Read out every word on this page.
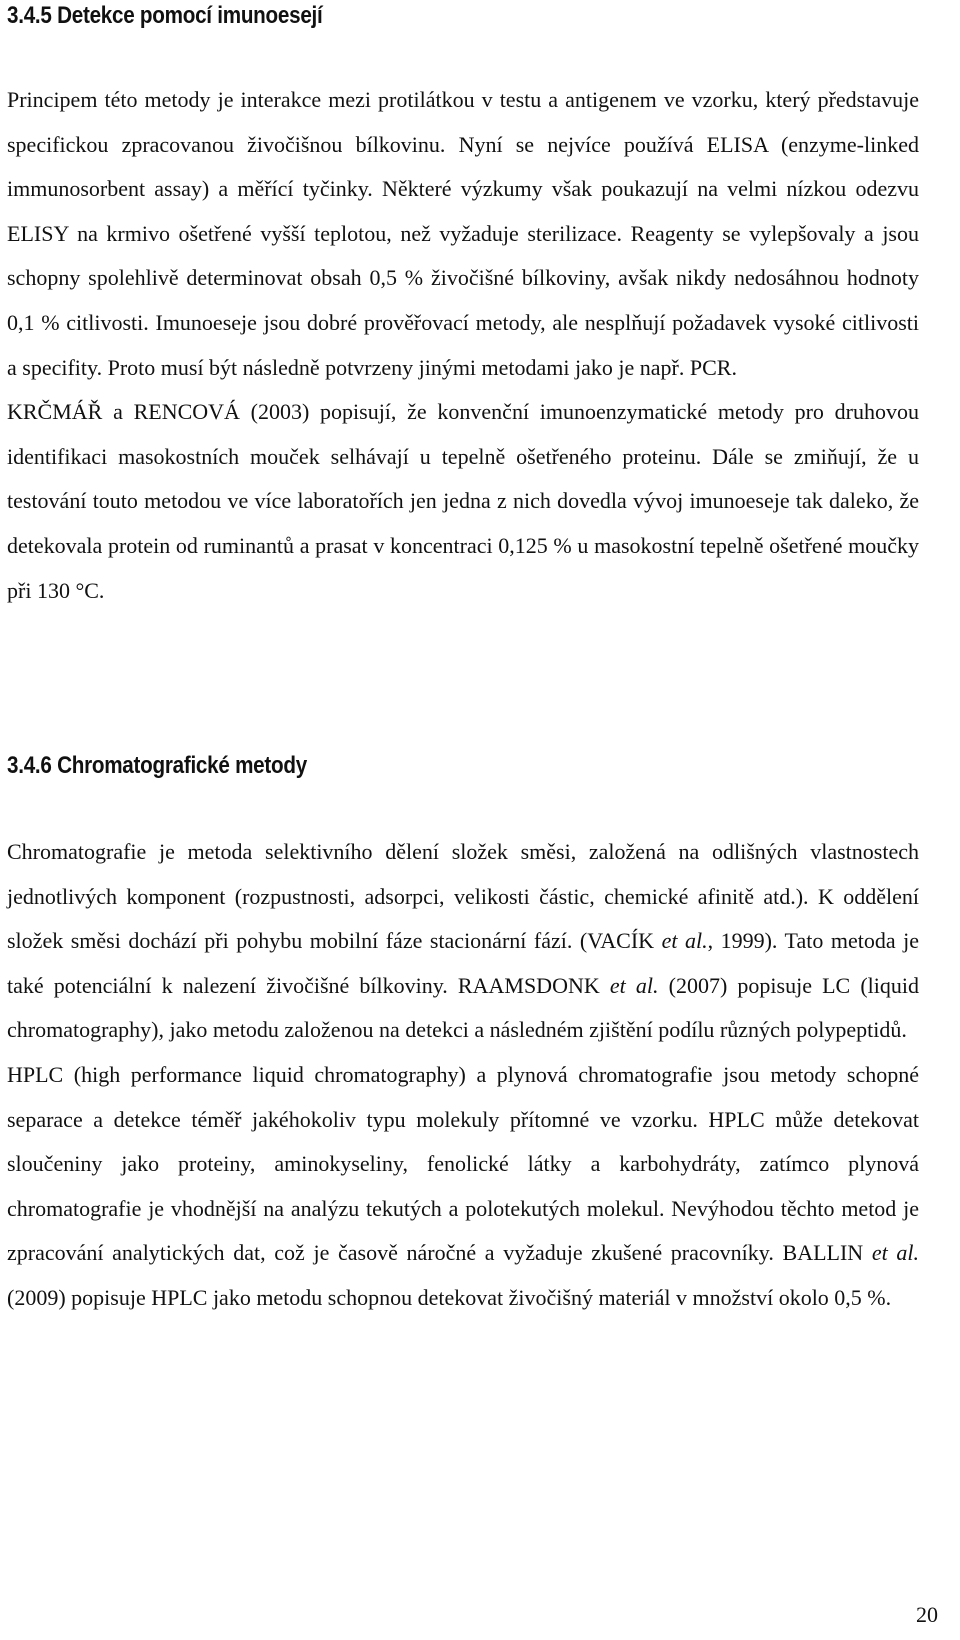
3.4.5 Detekce pomocí imunoesejí

Principem této metody je interakce mezi protilátkou v testu a antigenem ve vzorku, který představuje specifickou zpracovanou živočišnou bílkovinu. Nyní se nejvíce používá ELISA (enzyme-linked immunosorbent assay) a měřící tyčinky. Některé výzkumy však poukazují na velmi nízkou odezvu ELISY na krmivo ošetřené vyšší teplotou, než vyžaduje sterilizace. Reagenty se vylepšovaly a jsou schopny spolehlivě determinovat obsah 0,5 % živočišné bílkoviny, avšak nikdy nedosáhnou hodnoty 0,1 % citlivosti. Imunoeseje jsou dobré prověřovací metody, ale nesplňují požadavek vysoké citlivosti a specifity. Proto musí být následně potvrzeny jinými metodami jako je např. PCR.

KRČMÁŘ a RENCOVÁ (2003) popisují, že konvenční imunoenzymatické metody pro druhovou identifikaci masokostních mouček selhávají u tepelně ošetřeného proteinu. Dále se zmiňují, že u testování touto metodou ve více laboratořích jen jedna z nich dovedla vývoj imunoeseje tak daleko, že detekovala protein od ruminantů a prasat v koncentraci 0,125 % u masokostní tepelně ošetřené moučky při 130 °C.

3.4.6 Chromatografické metody

Chromatografie je metoda selektivního dělení složek směsi, založená na odlišných vlastnostech jednotlivých komponent (rozpustnosti, adsorpci, velikosti částic, chemické afinitě atd.). K oddělení složek směsi dochází při pohybu mobilní fáze stacionární fází. (VACÍK et al., 1999). Tato metoda je také potenciální k nalezení živočišné bílkoviny. RAAMSDONK et al. (2007) popisuje LC (liquid chromatography), jako metodu založenou na detekci a následném zjištění podílu různých polypeptidů.

HPLC (high performance liquid chromatography) a plynová chromatografie jsou metody schopné separace a detekce téměř jakéhokoliv typu molekuly přítomné ve vzorku. HPLC může detekovat sloučeniny jako proteiny, aminokyseliny, fenolické látky a karbohydráty, zatímco plynová chromatografie je vhodnější na analýzu tekutých a polotekutých molekul. Nevýhodou těchto metod je zpracování analytických dat, což je časově náročné a vyžaduje zkušené pracovníky. BALLIN et al. (2009) popisuje HPLC jako metodu schopnou detekovat živočišný materiál v množství okolo 0,5 %.

20
